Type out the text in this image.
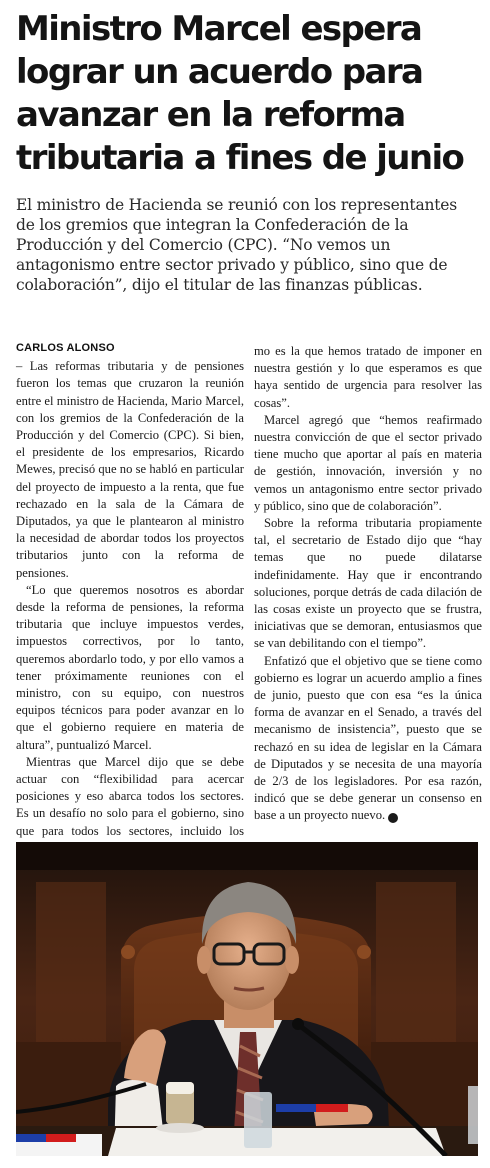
Ministro Marcel espera
lograr un acuerdo para
avanzar en la reforma
tributaria a fines de junio
El ministro de Hacienda se reunió con los representantes
de los gremios que integran la Confederación de la
Producción y del Comercio (CPC). “No vemos un
antagonismo entre sector privado y público, sino que de
colaboración”, dijo el titular de las finanzas públicas.
CARLOS ALONSO

– Las reformas tributaria y de pensiones fueron los temas que cruzaron la reunión entre el ministro de Hacienda, Mario Marcel, con los gremios de la Confederación de la Producción y del Comercio (CPC). Si bien, el presidente de los empresarios, Ricardo Mewes, precisó que no se habló en particular del proyecto de impuesto a la renta, que fue rechazado en la sala de la Cámara de Diputados, ya que le plantearon al ministro la necesidad de abordar todos los proyectos tributarios junto con la reforma de pensiones.

“Lo que queremos nosotros es abordar desde la reforma de pensiones, la reforma tributaria que incluye impuestos verdes, impuestos correctivos, por lo tanto, queremos abordarlo todo, y por ello vamos a tener próximamente reuniones con el ministro, con su equipo, con nuestros equipos técnicos para poder avanzar en lo que el gobierno requiere en materia de altura”, puntualizó Marcel.

Mientras que Marcel dijo que se debe actuar con “flexibilidad para acercar posiciones y eso abarca todos los sectores. Es un desafío no solo para el gobierno, sino que para todos los sectores, incluido los

mo es la que hemos tratado de imponer en nuestra gestión y lo que esperamos es que haya sentido de urgencia para resolver las cosas”.

Marcel agregó que “hemos reafirmado nuestra convicción de que el sector privado tiene mucho que aportar al país en materia de gestión, innovación, inversión y no vemos un antagonismo entre sector privado y público, sino que de colaboración”.

Sobre la reforma tributaria propiamente tal, el secretario de Estado dijo que “hay temas que no puede dilatarse indefinidamente. Hay que ir encontrando soluciones, porque detrás de cada dilación de las cosas existe un proyecto que se frustra, iniciativas que se demoran, entusiasmos que se van debilitando con el tiempo”.

Enfatizó que el objetivo que se tiene como gobierno es lograr un acuerdo amplio a fines de junio, puesto que con esa “es la única forma de avanzar en el Senado, a través del mecanismo de insistencia”, puesto que se rechazó en su idea de legislar en la Cámara de Diputados y se necesita de una mayoría de 2/3 de los legisladores. Por esa razón, indicó que se debe generar un consenso en base a un proyecto nuevo. P
